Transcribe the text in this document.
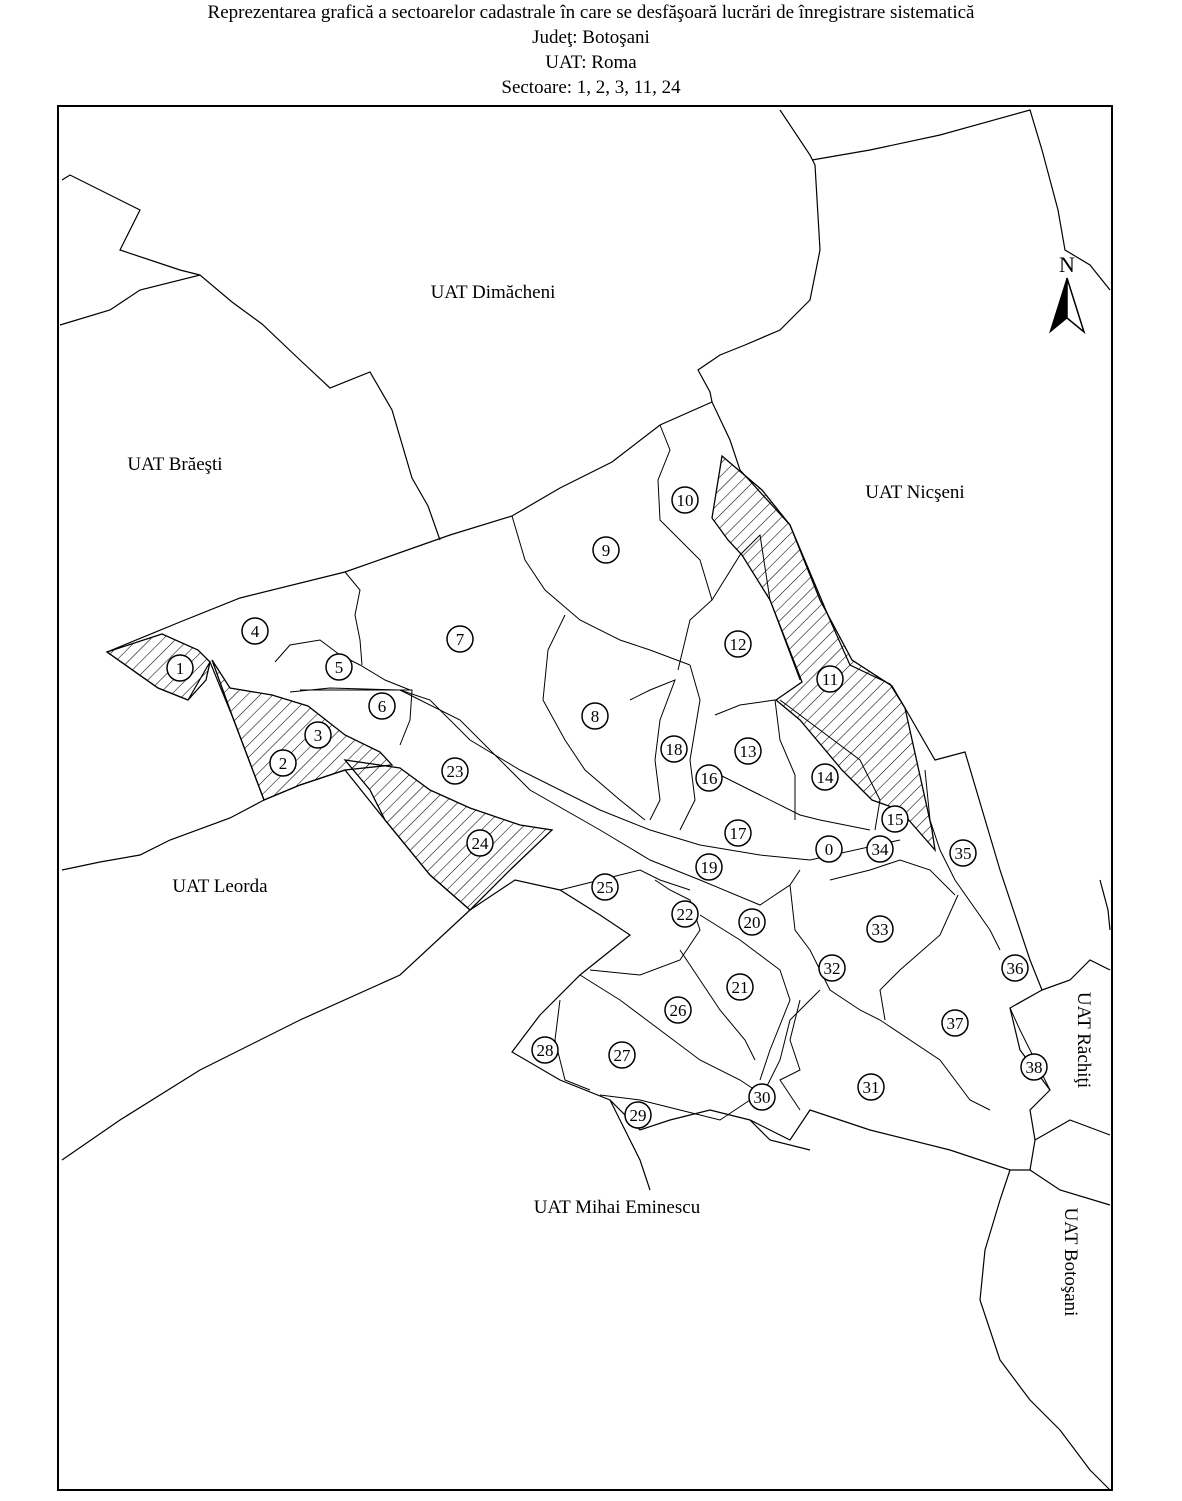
Reprezentarea grafică a sectoarelor cadastrale în care se desfăşoară lucrări de înregistrare sistematică
Judeţ: Botoşani
UAT: Roma
Sectoare: 1, 2, 3, 11, 24
N
UAT Dimăcheni
UAT Brăeşti
UAT Nicşeni
UAT Leorda
UAT Mihai Eminescu
UAT Răchiţi
UAT Botoşani
1
2
3
4
5
6
7
8
9
10
11
12
13
14
15
16
17
18
19
0
20
21
22
23
24
25
26
27
28
29
30
31
32
33
34	35
36
37
38
